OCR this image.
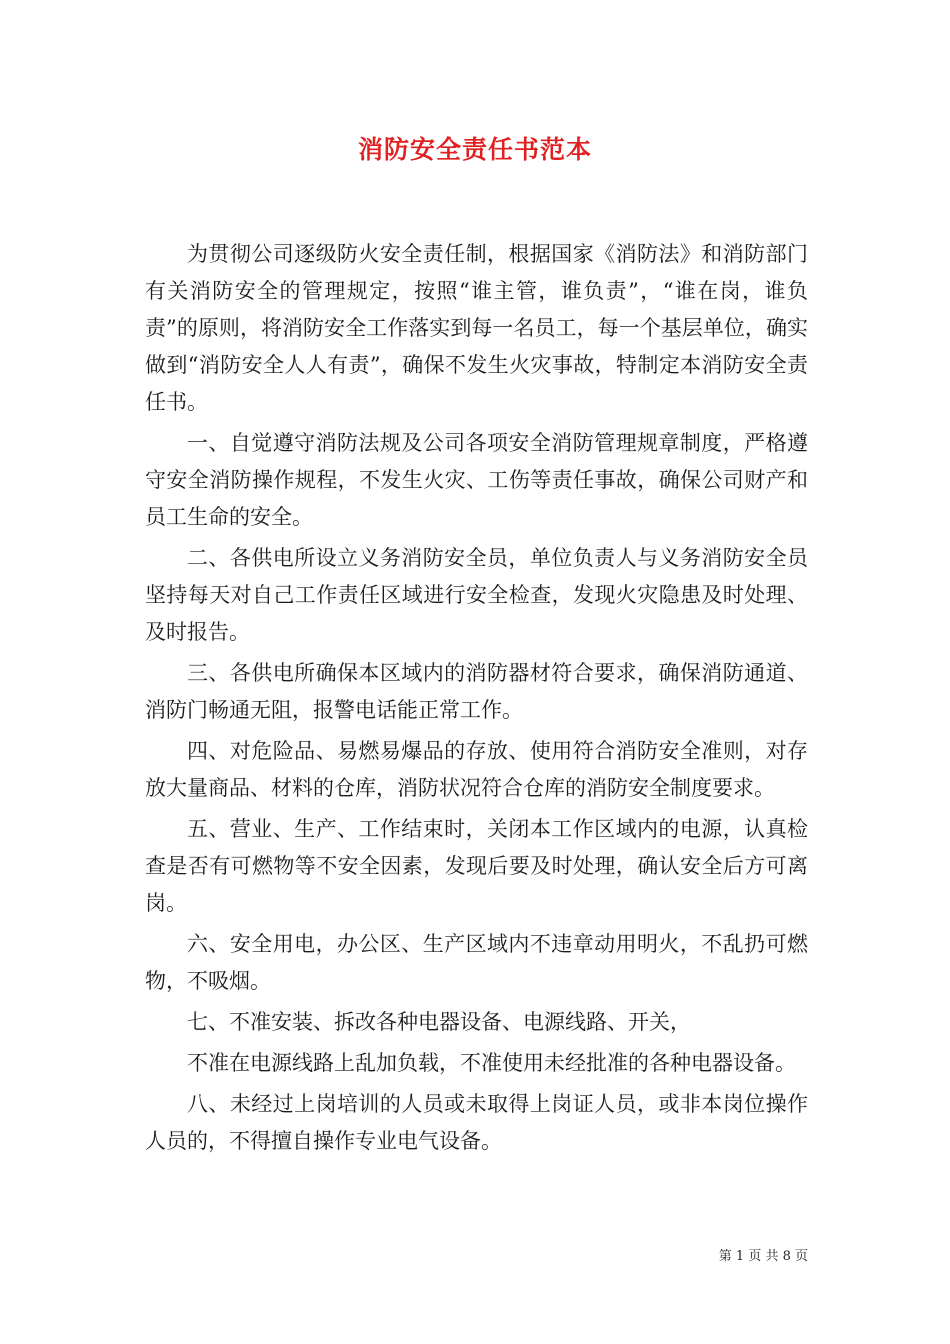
消防安全责任书范本

为贯彻公司逐级防火安全责任制，根据国家《消防法》和消防部门有关消防安全的管理规定，按照“谁主管，谁负责”，“谁在岗，谁负责”的原则，将消防安全工作落实到每一名员工，每一个基层单位，确实做到“消防安全人人有责”，确保不发生火灾事故，特制定本消防安全责任书。

一、自觉遵守消防法规及公司各项安全消防管理规章制度，严格遵守安全消防操作规程，不发生火灾、工伤等责任事故，确保公司财产和员工生命的安全。

二、各供电所设立义务消防安全员，单位负责人与义务消防安全员坚持每天对自己工作责任区域进行安全检查，发现火灾隐患及时处理、及时报告。

三、各供电所确保本区域内的消防器材符合要求，确保消防通道、消防门畅通无阻，报警电话能正常工作。

四、对危险品、易燃易爆品的存放、使用符合消防安全准则，对存放大量商品、材料的仓库，消防状况符合仓库的消防安全制度要求。

五、营业、生产、工作结束时，关闭本工作区域内的电源，认真检查是否有可燃物等不安全因素，发现后要及时处理，确认安全后方可离岗。

六、安全用电，办公区、生产区域内不违章动用明火，不乱扔可燃物，不吸烟。

七、不准安装、拆改各种电器设备、电源线路、开关，

不准在电源线路上乱加负载，不准使用未经批准的各种电器设备。

八、未经过上岗培训的人员或未取得上岗证人员，或非本岗位操作人员的，不得擅自操作专业电气设备。

第 1 页 共 8 页
